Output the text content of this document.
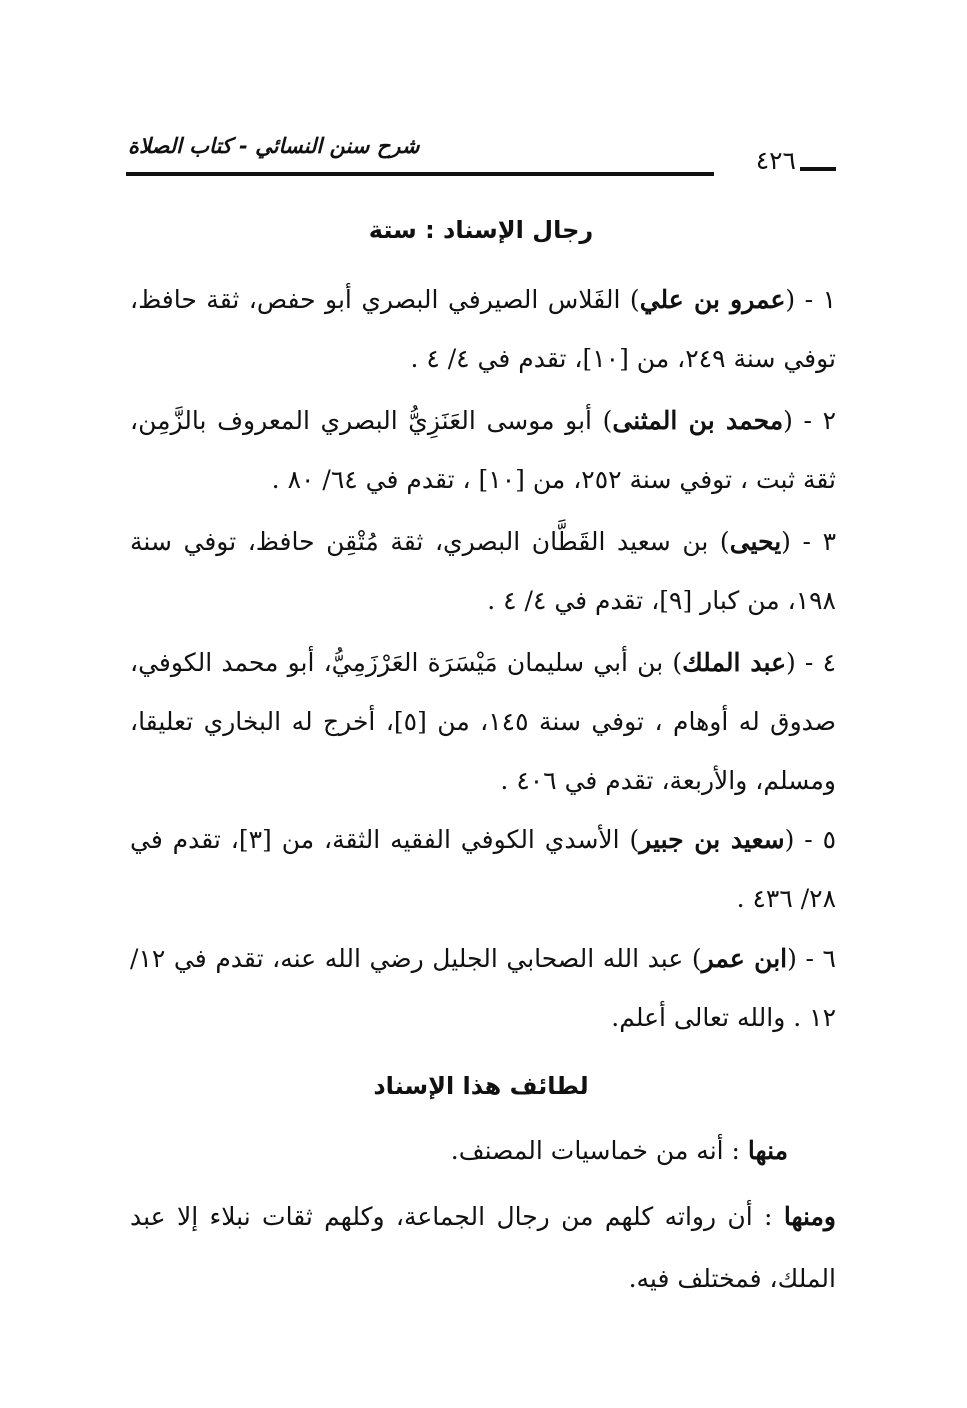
شرح سنن النسائي - كتاب الصلاة	٤٢٦
رجال الإسناد : ستة
١ - (عمرو بن علي) الفَلاس الصيرفي البصري أبو حفص، ثقة حافظ، توفي سنة ٢٤٩، من [١٠]، تقدم في ٤/ ٤ .
٢ - (محمد بن المثنى) أبو موسى العَنَزِيُّ البصري المعروف بالزَّمِن، ثقة ثبت ، توفي سنة ٢٥٢، من [١٠] ، تقدم في ٦٤/ ٨٠ .
٣ - (يحيى) بن سعيد القَطَّان البصري، ثقة مُتْقِن حافظ، توفي سنة ١٩٨، من كبار [٩]، تقدم في ٤/ ٤ .
٤ - (عبد الملك) بن أبي سليمان مَيْسَرَة العَرْزَمِيُّ، أبو محمد الكوفي، صدوق له أوهام ، توفي سنة ١٤٥، من [٥]، أخرج له البخاري تعليقا، ومسلم، والأربعة، تقدم في ٤٠٦ .
٥ - (سعيد بن جبير) الأسدي الكوفي الفقيه الثقة، من [٣]، تقدم في ٢٨/ ٤٣٦ .
٦ - (ابن عمر) عبد الله الصحابي الجليل رضي الله عنه، تقدم في ١٢/ ١٢ . والله تعالى أعلم.
لطائف هذا الإسناد
منها : أنه من خماسيات المصنف.
ومنها : أن رواته كلهم من رجال الجماعة، وكلهم ثقات نبلاء إلا عبد الملك، فمختلف فيه.
